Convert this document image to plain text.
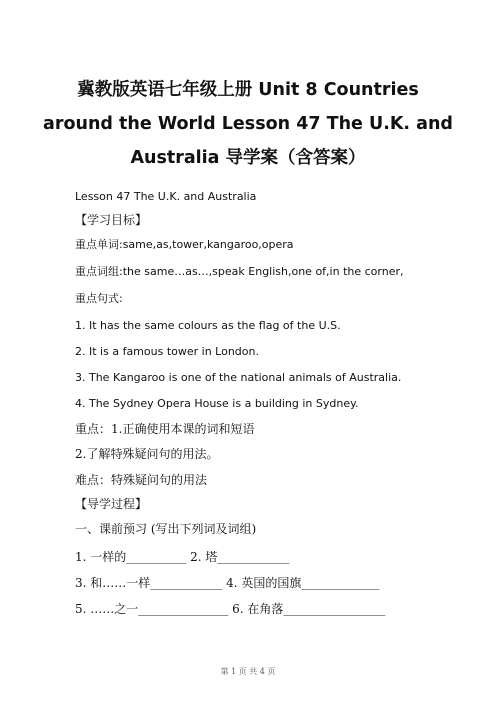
冀教版英语七年级上册 Unit 8 Countries
around the World Lesson 47 The U.K. and
Australia 导学案（含答案）
Lesson 47 The U.K. and Australia
【学习目标】
重点单词:same,as,tower,kangaroo,opera
重点词组:the same…as…,speak English,one of,in the corner,
重点句式:
1. It has the same colours as the flag of the U.S.
2. It is a famous tower in London.
3. The Kangaroo is one of the national animals of Australia.
4. The Sydney Opera House is a building in Sydney.
重点：1.正确使用本课的词和短语
2.了解特殊疑问句的用法。
难点：特殊疑问句的用法
【导学过程】
一、课前预习 (写出下列词及词组)
1. 一样的__________ 2. 塔____________
3. 和……一样____________ 4. 英国的国旗_____________
5. ……之一_______________ 6. 在角落_________________
第 1 页 共 4 页
